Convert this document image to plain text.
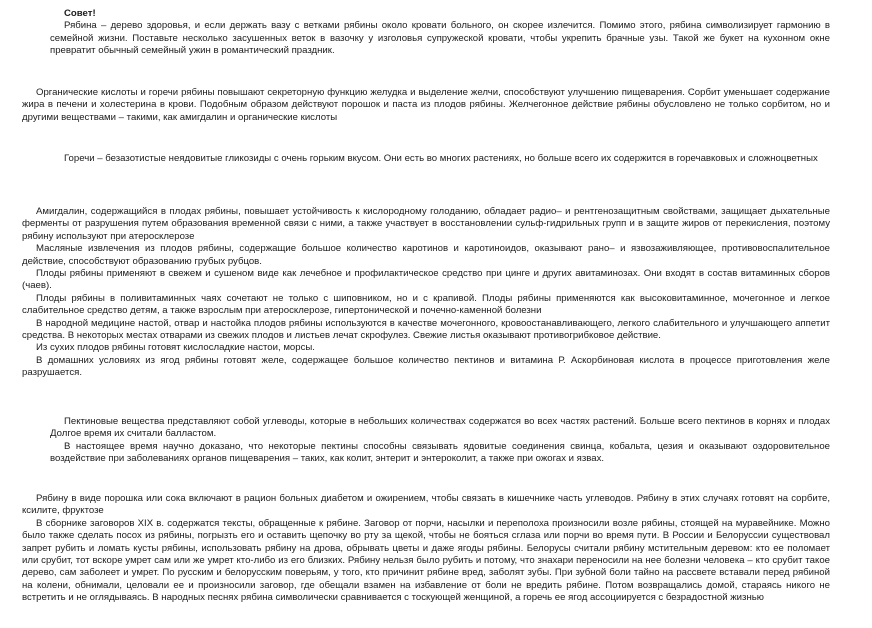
Совет!

Рябина – дерево здоровья, и если держать вазу с ветками рябины около кровати больного, он скорее излечится. Помимо этого, рябина символизирует гармонию в семейной жизни. Поставьте несколько засушенных веток в вазочку у изголовья супружеской кровати, чтобы укрепить брачные узы. Такой же букет на кухонном окне превратит обычный семейный ужин в романтический праздник.

Органические кислоты и горечи рябины повышают секреторную функцию желудка и выделение желчи, способствуют улучшению пищеварения. Сорбит уменьшает содержание жира в печени и холестерина в крови. Подобным образом действуют порошок и паста из плодов рябины. Желчегонное действие рябины обусловлено не только сорбитом, но и другими веществами – такими, как амигдалин и органические кислоты

Горечи – безазотистые неядовитые гликозиды с очень горьким вкусом. Они есть во многих растениях, но больше всего их содержится в горечавковых и сложноцветных

Амигдалин, содержащийся в плодах рябины, повышает устойчивость к кислородному голоданию, обладает радио– и рентгенозащитным свойствами, защищает дыхательные ферменты от разрушения путем образования временной связи с ними, а также участвует в восстановлении сульф-гидрильных групп и в защите жиров от перекисления, поэтому рябину используют при атеросклерозе

Масляные извлечения из плодов рябины, содержащие большое количество каротинов и каротиноидов, оказывают рано– и язвозаживляющее, противовоспалительное действие, способствуют образованию грубых рубцов.

Плоды рябины применяют в свежем и сушеном виде как лечебное и профилактическое средство при цинге и других авитаминозах. Они входят в состав витаминных сборов (чаев).

Плоды рябины в поливитаминных чаях сочетают не только с шиповником, но и с крапивой. Плоды рябины применяются как высоковитаминное, мочегонное и легкое слабительное средство детям, а также взрослым при атеросклерозе, гипертонической и почечно-каменной болезни

В народной медицине настой, отвар и настойка плодов рябины используются в качестве мочегонного, кровоостанавливающего, легкого слабительного и улучшающего аппетит средства. В некоторых местах отварами из свежих плодов и листьев лечат скрофулез. Свежие листья оказывают противогрибковое действие.

Из сухих плодов рябины готовят кислосладкие настои, морсы.

В домашних условиях из ягод рябины готовят желе, содержащее большое количество пектинов и витамина Р. Аскорбиновая кислота в процессе приготовления желе разрушается.

Пектиновые вещества представляют собой углеводы, которые в небольших количествах содержатся во всех частях растений. Больше всего пектинов в корнях и плодах Долгое время их считали балластом.

В настоящее время научно доказано, что некоторые пектины способны связывать ядовитые соединения свинца, кобальта, цезия и оказывают оздоровительное воздействие при заболеваниях органов пищеварения – таких, как колит, энтерит и энтероколит, а также при ожогах и язвах.

Рябину в виде порошка или сока включают в рацион больных диабетом и ожирением, чтобы связать в кишечнике часть углеводов. Рябину в этих случаях готовят на сорбите, ксилите, фруктозе

В сборнике заговоров XIX в. содержатся тексты, обращенные к рябине. Заговор от порчи, насылки и переполоха произносили возле рябины, стоящей на муравейнике. Можно было также сделать посох из рябины, погрызть его и оставить щепочку во рту за щекой, чтобы не бояться сглаза или порчи во время пути. В России и Белоруссии существовал запрет рубить и ломать кусты рябины, использовать рябину на дрова, обрывать цветы и даже ягоды рябины. Белорусы считали рябину мстительным деревом: кто ее поломает или срубит, тот вскоре умрет сам или же умрет кто-либо из его близких. Рябину нельзя было рубить и потому, что знахари переносили на нее болезни человека – кто срубит такое дерево, сам заболеет и умрет. По русским и белорусским поверьям, у того, кто причинит рябине вред, заболят зубы. При зубной боли тайно на рассвете вставали перед рябиной на колени, обнимали, целовали ее и произносили заговор, где обещали взамен на избавление от боли не вредить рябине. Потом возвращались домой, стараясь никого не встретить и не оглядываясь. В народных песнях рябина символически сравнивается с тоскующей женщиной, а горечь ее ягод ассоциируется с безрадостной жизнью
